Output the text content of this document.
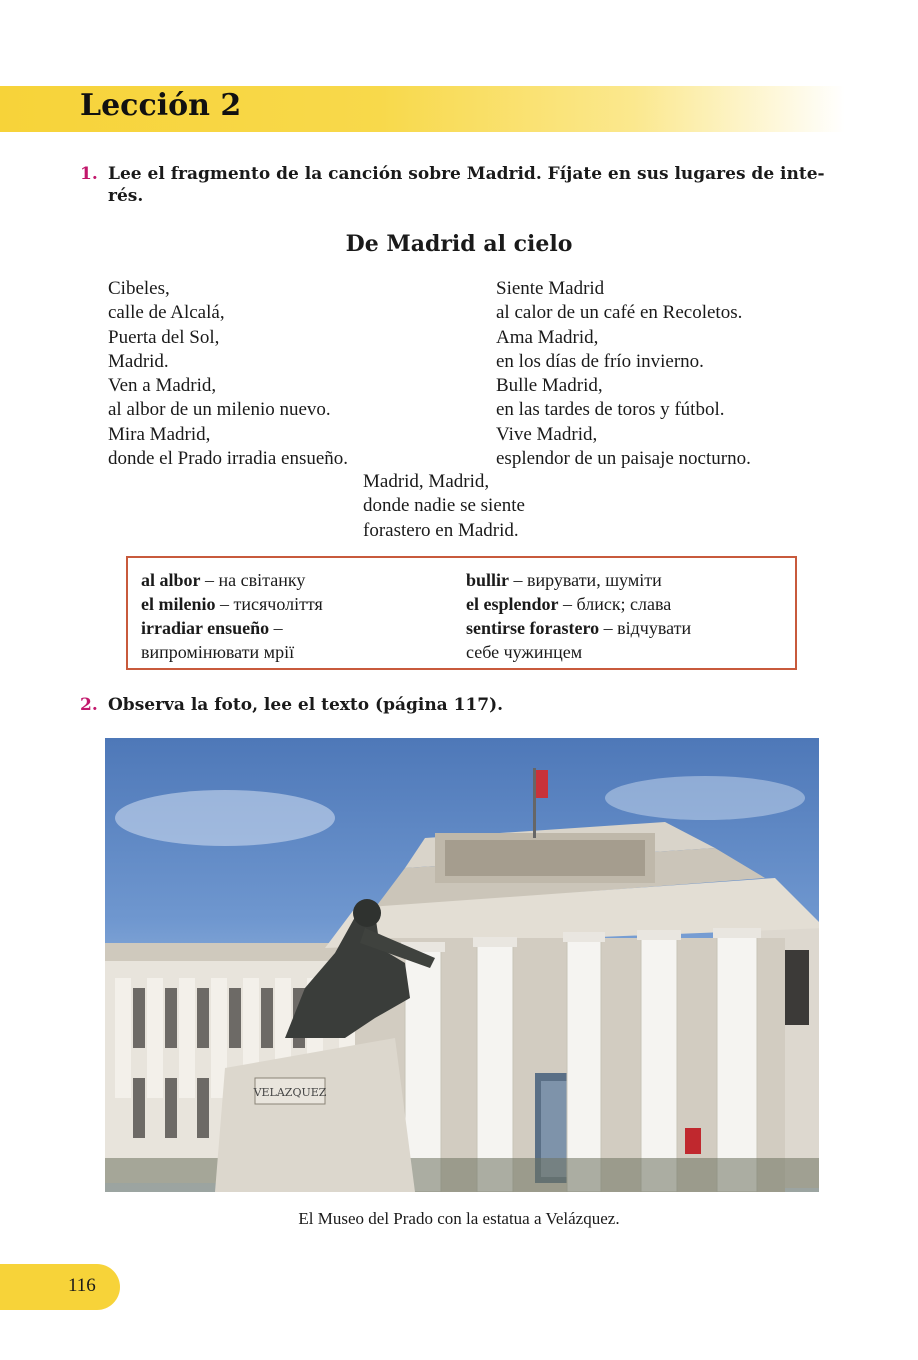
Lección 2
1. Lee el fragmento de la canción sobre Madrid. Fíjate en sus lugares de inte-
rés.
De Madrid al cielo
Cibeles,
calle de Alcalá,
Puerta del Sol,
Madrid.
Ven a Madrid,
al albor de un milenio nuevo.
Mira Madrid,
donde el Prado irradia ensueño.
Siente Madrid
al calor de un café en Recoletos.
Ama Madrid,
en los días de frío invierno.
Bulle Madrid,
en las tardes de toros y fútbol.
Vive Madrid,
esplendor de un paisaje nocturno.
Madrid, Madrid,
donde nadie se siente
forastero en Madrid.
al albor – на світанку
el milenio – тисячоліття
irradiar ensueño –
випромінювати мрії
bullir – вирувати, шуміти
el esplendor – блиск; слава
sentirse forastero – відчувати
себе чужинцем
2. Observa la foto, lee el texto (página 117).
VELAZQUEZ
El Museo del Prado con la estatua a Velázquez.
116
